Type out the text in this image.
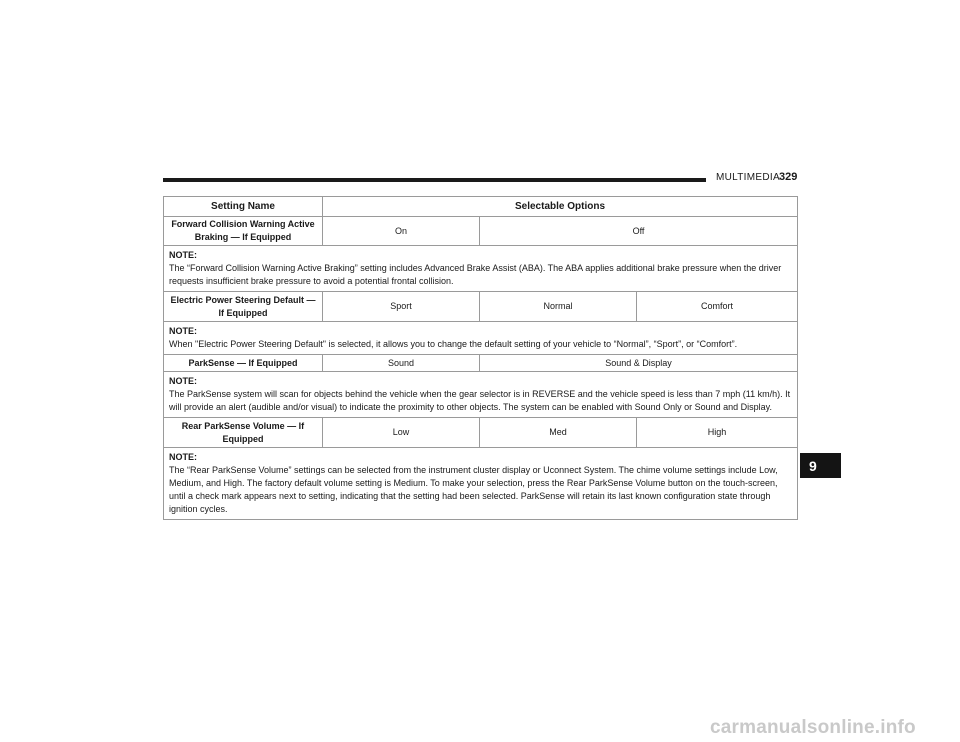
MULTIMEDIA 329
Setting Name	Selectable Options		
Forward Collision Warning Active Braking — If Equipped	On	Off	

NOTE:
The “Forward Collision Warning Active Braking” setting includes Advanced Brake Assist (ABA). The ABA applies additional brake pressure when the driver requests insufficient brake pressure to avoid a potential frontal collision.			

Electric Power Steering Default — If Equipped	Sport	Normal	Comfort

NOTE:
When "Electric Power Steering Default" is selected, it allows you to change the default setting of your vehicle to “Normal”, “Sport”, or “Comfort”.			

ParkSense — If Equipped	Sound	Sound & Display	

NOTE:
The ParkSense system will scan for objects behind the vehicle when the gear selector is in REVERSE and the vehicle speed is less than 7 mph (11 km/h). It will provide an alert (audible and/or visual) to indicate the proximity to other objects. The system can be enabled with Sound Only or Sound and Display.			

Rear ParkSense Volume — If Equipped	Low	Med	High

NOTE:
The “Rear ParkSense Volume” settings can be selected from the instrument cluster display or Uconnect System. The chime volume settings include Low, Medium, and High. The factory default volume setting is Medium. To make your selection, press the Rear ParkSense Volume button on the touch-screen, until a check mark appears next to setting, indicating that the setting had been selected. ParkSense will retain its last known configuration state through ignition cycles.			
9
carmanualsonline.info
